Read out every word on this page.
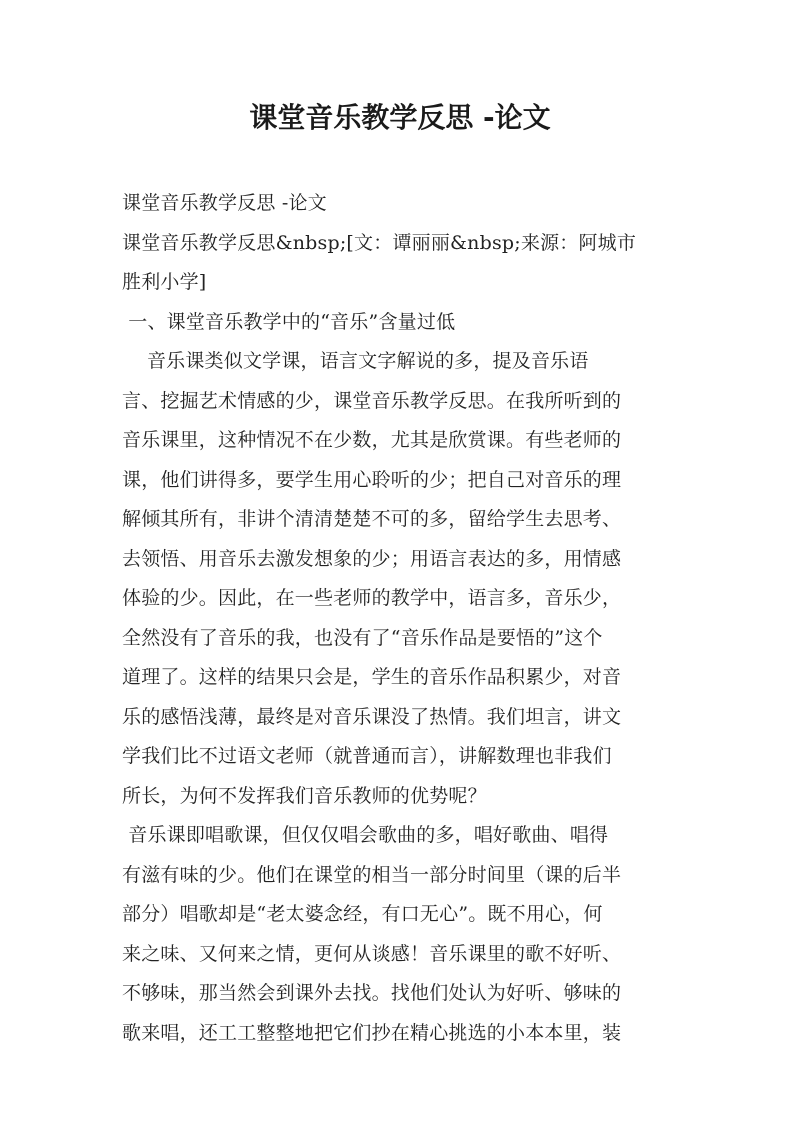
课堂音乐教学反思 -论文
课堂音乐教学反思 -论文
课堂音乐教学反思&nbsp;[文：谭丽丽&nbsp;来源：阿城市
胜利小学]
一、课堂音乐教学中的“音乐”含量过低
音乐课类似文学课，语言文字解说的多，提及音乐语
言、挖掘艺术情感的少，课堂音乐教学反思。在我所听到的
音乐课里，这种情况不在少数，尤其是欣赏课。有些老师的
课，他们讲得多，要学生用心聆听的少；把自己对音乐的理
解倾其所有，非讲个清清楚楚不可的多，留给学生去思考、
去领悟、用音乐去激发想象的少；用语言表达的多，用情感
体验的少。因此，在一些老师的教学中，语言多，音乐少，
全然没有了音乐的我，也没有了“音乐作品是要悟的”这个
道理了。这样的结果只会是，学生的音乐作品积累少，对音
乐的感悟浅薄，最终是对音乐课没了热情。我们坦言，讲文
学我们比不过语文老师（就普通而言），讲解数理也非我们
所长，为何不发挥我们音乐教师的优势呢？
音乐课即唱歌课，但仅仅唱会歌曲的多，唱好歌曲、唱得
有滋有味的少。他们在课堂的相当一部分时间里（课的后半
部分）唱歌却是“老太婆念经，有口无心”。既不用心，何
来之味、又何来之情，更何从谈感！音乐课里的歌不好听、
不够味，那当然会到课外去找。找他们处认为好听、够味的
歌来唱，还工工整整地把它们抄在精心挑选的小本本里，装
